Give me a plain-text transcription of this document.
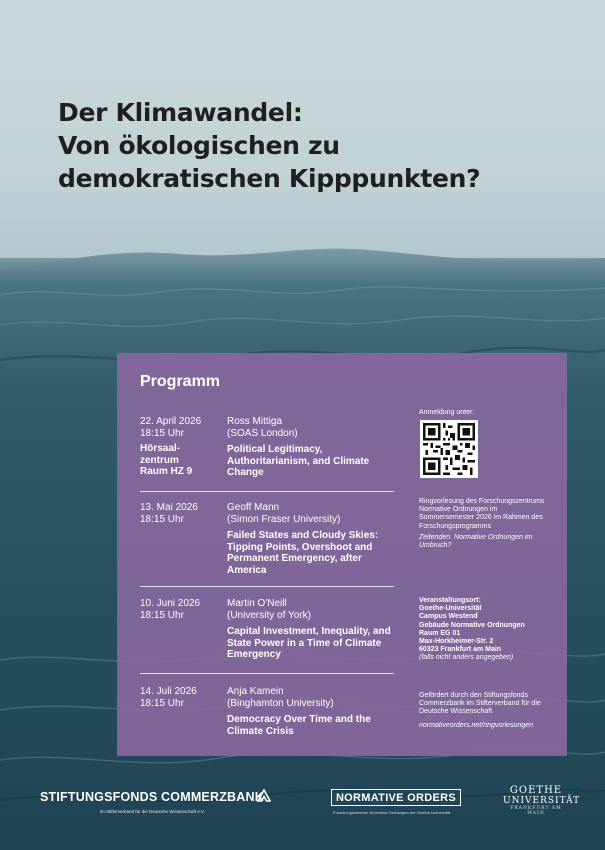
Der Klimawandel:
Von ökologischen zu
demokratischen Kipppunkten?
Programm
22. April 2026
18:15 Uhr
Hörsaal-
zentrum
Raum HZ 9
Ross Mittiga
(SOAS London)
Political Legitimacy, Authoritarianism, and Climate Change
13. Mai 2026
18:15 Uhr
Geoff Mann
(Simon Fraser University)
Failed States and Cloudy Skies: Tipping Points, Overshoot and Permanent Emergency, after America
10. Juni 2026
18:15 Uhr
Martin O'Neill
(University of York)
Capital Investment, Inequality, and State Power in a Time of Climate Emergency
14. Juli 2026
18:15 Uhr
Anja Kamein
(Binghamton University)
Democracy Over Time and the Climate Crisis
Anmeldung unter:
Ringvorlesung des Forschungszentrums Normative Ordnungen im Sommersemester 2026 im Rahmen des Forschungsprogramms
Zeitenden. Normative Ordnungen im Umbruch?
Veranstaltungsort:
Goethe-Universität
Campus Westend
Gebäude Normative Ordnungen
Raum EG 01
Max-Horkheimer-Str. 2
60323 Frankfurt am Main
(falls nicht anders angegeben)
Gefördert durch den Stiftungsfonds Commerzbank im Stifterverband für die Deutsche Wissenschaft
normativeorders.net/ringvorlesungen
STIFTUNGSFONDS COMMERZBANK
im Stifterverband für die Deutsche Wissenschaft e.V.
NORMATIVE ORDERS
Forschungszentrum Normative Ordnungen der Goethe-Universität
GOETHE
UNIVERSITÄT
FRANKFURT AM MAIN
